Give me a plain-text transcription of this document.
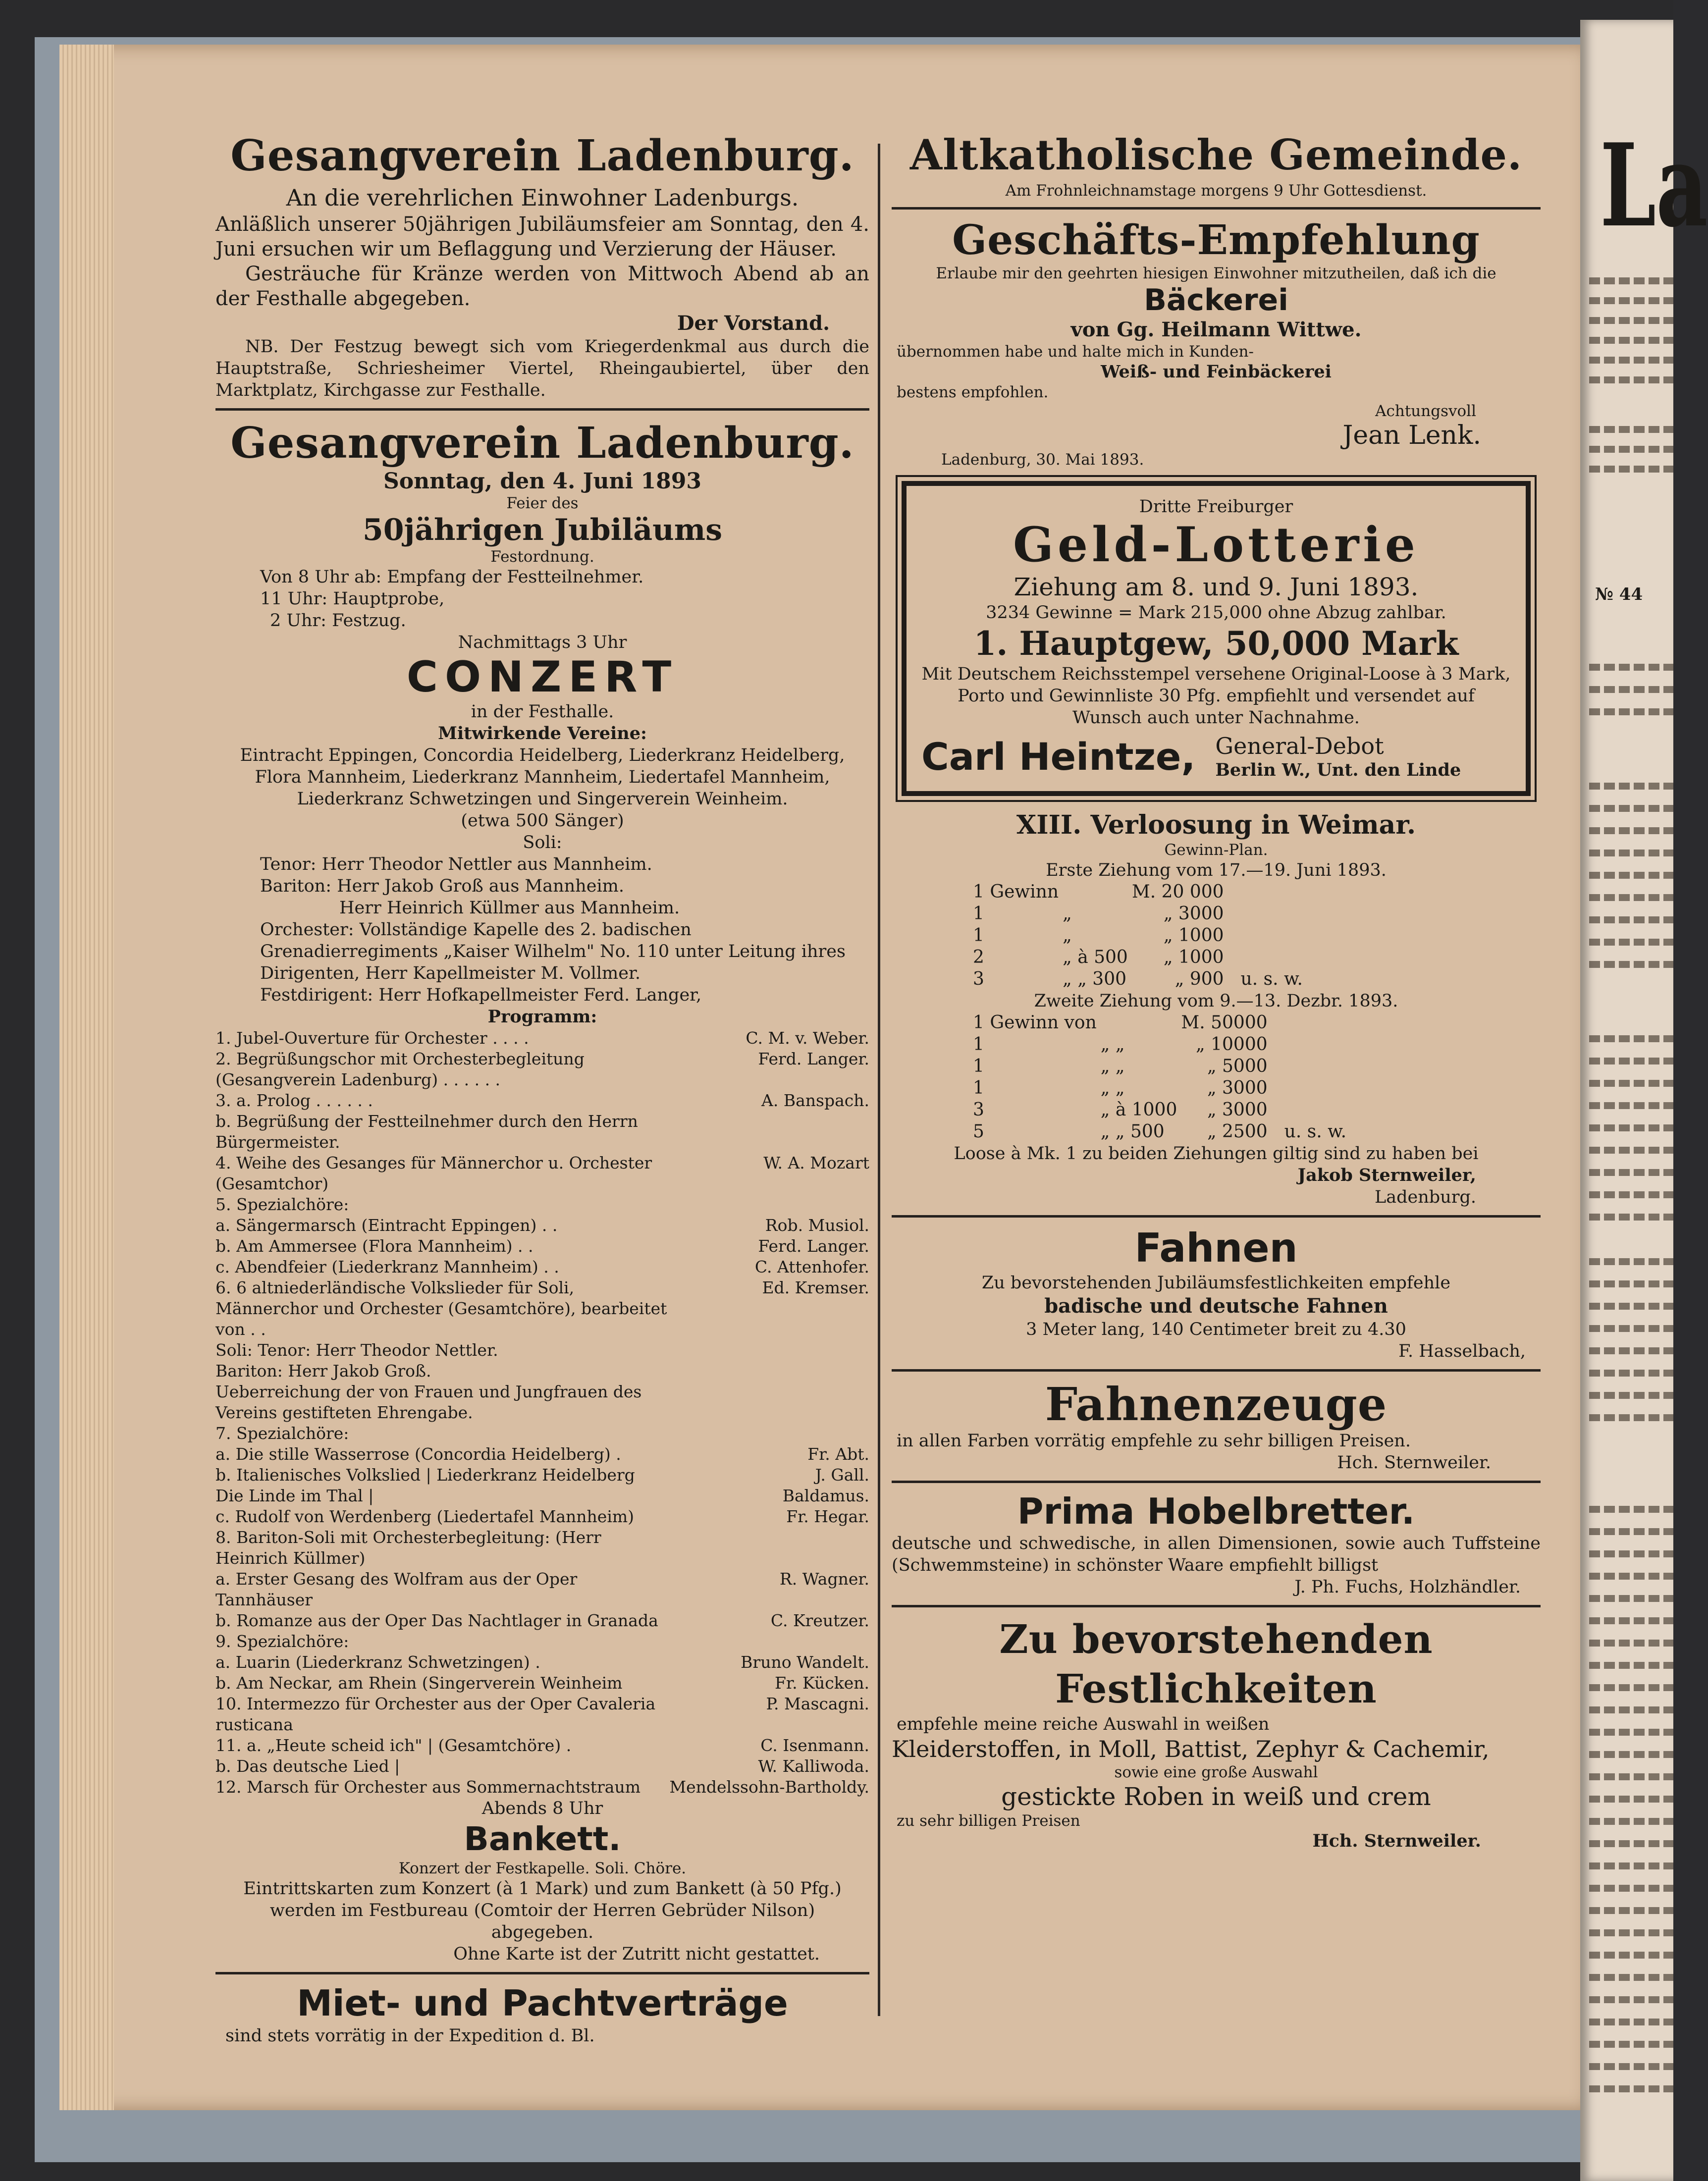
La
№ 44
Gesangverein Ladenburg.
An die verehrlichen Einwohner Ladenburgs.
Anläßlich unserer 50jährigen Jubiläumsfeier am Sonntag, den 4. Juni ersuchen wir um Beflaggung und Verzierung der Häuser.
Gesträuche für Kränze werden von Mittwoch Abend ab an der Festhalle abgegeben.
Der Vorstand.
NB. Der Festzug bewegt sich vom Kriegerdenkmal aus durch die Hauptstraße, Schriesheimer Viertel, Rheingaubiertel, über den Marktplatz, Kirchgasse zur Festhalle.
Gesangverein Ladenburg.
Sonntag, den 4. Juni 1893
Feier des
50jährigen Jubiläums
Festordnung.
Von 8 Uhr ab: Empfang der Festteilnehmer.
11 Uhr: Hauptprobe,
2 Uhr: Festzug.
Nachmittags 3 Uhr
CONZERT
in der Festhalle.
Mitwirkende Vereine:
Eintracht Eppingen, Concordia Heidelberg, Liederkranz Heidelberg, Flora Mannheim, Liederkranz Mannheim, Liedertafel Mannheim, Liederkranz Schwetzingen und Singerverein Weinheim.
(etwa 500 Sänger)
Soli:
Tenor: Herr Theodor Nettler aus Mannheim.
Bariton: Herr Jakob Groß aus Mannheim.
Herr Heinrich Küllmer aus Mannheim.
Orchester: Vollständige Kapelle des 2. badischen Grenadierregiments „Kaiser Wilhelm" No. 110 unter Leitung ihres Dirigenten, Herr Kapellmeister M. Vollmer.
Festdirigent: Herr Hofkapellmeister Ferd. Langer,
Programm:
1. Jubel-Ouverture für Orchester . . . .	C. M. v. Weber.
2. Begrüßungschor mit Orchesterbegleitung (Gesangverein Ladenburg) . . . . . .	Ferd. Langer.
3. a. Prolog . . . . . .	A. Banspach.
b. Begrüßung der Festteilnehmer durch den Herrn Bürgermeister.	
4. Weihe des Gesanges für Männerchor u. Orchester (Gesamtchor)	W. A. Mozart
5. Spezialchöre:	
a. Sängermarsch (Eintracht Eppingen) . .	Rob. Musiol.
b. Am Ammersee (Flora Mannheim) . .	Ferd. Langer.
c. Abendfeier (Liederkranz Mannheim) . .	C. Attenhofer.
6. 6 altniederländische Volkslieder für Soli, Männerchor und Orchester (Gesamtchöre), bearbeitet von . .	Ed. Kremser.
Soli: Tenor: Herr Theodor Nettler.	
Bariton: Herr Jakob Groß.	
Ueberreichung der von Frauen und Jungfrauen des Vereins gestifteten Ehrengabe.	
7. Spezialchöre:	
a. Die stille Wasserrose (Concordia Heidelberg) .	Fr. Abt.
b. Italienisches Volkslied | Liederkranz Heidelberg	J. Gall.
Die Linde im Thal |	Baldamus.
c. Rudolf von Werdenberg (Liedertafel Mannheim)	Fr. Hegar.
8. Bariton-Soli mit Orchesterbegleitung: (Herr Heinrich Küllmer)	
a. Erster Gesang des Wolfram aus der Oper Tannhäuser	R. Wagner.
b. Romanze aus der Oper Das Nachtlager in Granada	C. Kreutzer.
9. Spezialchöre:	
a. Luarin (Liederkranz Schwetzingen) .	Bruno Wandelt.
b. Am Neckar, am Rhein (Singerverein Weinheim	Fr. Kücken.
10. Intermezzo für Orchester aus der Oper Cavaleria rusticana	P. Mascagni.
11. a. „Heute scheid ich" | (Gesamtchöre) .	C. Isenmann.
b. Das deutsche Lied |	W. Kalliwoda.
12. Marsch für Orchester aus Sommernachtstraum	Mendelssohn-Bartholdy.
Abends 8 Uhr
Bankett.
Konzert der Festkapelle. Soli. Chöre.
Eintrittskarten zum Konzert (à 1 Mark) und zum Bankett (à 50 Pfg.) werden im Festbureau (Comtoir der Herren Gebrüder Nilson) abgegeben.
Ohne Karte ist der Zutritt nicht gestattet.
Miet- und Pachtverträge
sind stets vorrätig in der Expedition d. Bl.
Altkatholische Gemeinde.
Am Frohnleichnamstage morgens 9 Uhr Gottesdienst.
Geschäfts-Empfehlung
Erlaube mir den geehrten hiesigen Einwohner mitzutheilen, daß ich die
Bäckerei
von Gg. Heilmann Wittwe.
übernommen habe und halte mich in Kunden-
Weiß- und Feinbäckerei
bestens empfohlen.
Achtungsvoll
Jean Lenk.
Ladenburg, 30. Mai 1893.
Dritte Freiburger
Geld-Lotterie
Ziehung am 8. und 9. Juni 1893.
3234 Gewinne = Mark 215,000 ohne Abzug zahlbar.
1. Hauptgew, 50,000 Mark
Mit Deutschem Reichsstempel versehene Original-Loose à 3 Mark, Porto und Gewinnliste 30 Pfg. empfiehlt und versendet auf Wunsch auch unter Nachnahme.
Carl Heintze, General-Debot
Berlin W., Unt. den Linde
XIII. Verloosung in Weimar.
Gewinn-Plan.
Erste Ziehung vom 17.—19. Juni 1893.
1 Gewinn		M. 20 000	
1	„	„ 3000	
1	„	„ 1000	
2	„ à 500	„ 1000	
3	„ „ 300	„ 900	u. s. w.
Zweite Ziehung vom 9.—13. Dezbr. 1893.
1 Gewinn von		M. 50000	
1	„ „	„ 10000	
1	„ „	„ 5000	
1	„ „	„ 3000	
3	„ à 1000	„ 3000	
5	„ „ 500	„ 2500	u. s. w.
Loose à Mk. 1 zu beiden Ziehungen giltig sind zu haben bei
Jakob Sternweiler,
Ladenburg.
Fahnen
Zu bevorstehenden Jubiläumsfestlichkeiten empfehle
badische und deutsche Fahnen
3 Meter lang, 140 Centimeter breit zu 4.30
F. Hasselbach,
Fahnenzeuge
in allen Farben vorrätig empfehle zu sehr billigen Preisen.
Hch. Sternweiler.
Prima Hobelbretter.
deutsche und schwedische, in allen Dimensionen, sowie auch Tuffsteine (Schwemmsteine) in schönster Waare empfiehlt billigst
J. Ph. Fuchs, Holzhändler.
Zu bevorstehenden Festlichkeiten
empfehle meine reiche Auswahl in weißen
Kleiderstoffen, in Moll, Battist, Zephyr & Cachemir,
sowie eine große Auswahl
gestickte Roben in weiß und crem
zu sehr billigen Preisen
Hch. Sternweiler.
